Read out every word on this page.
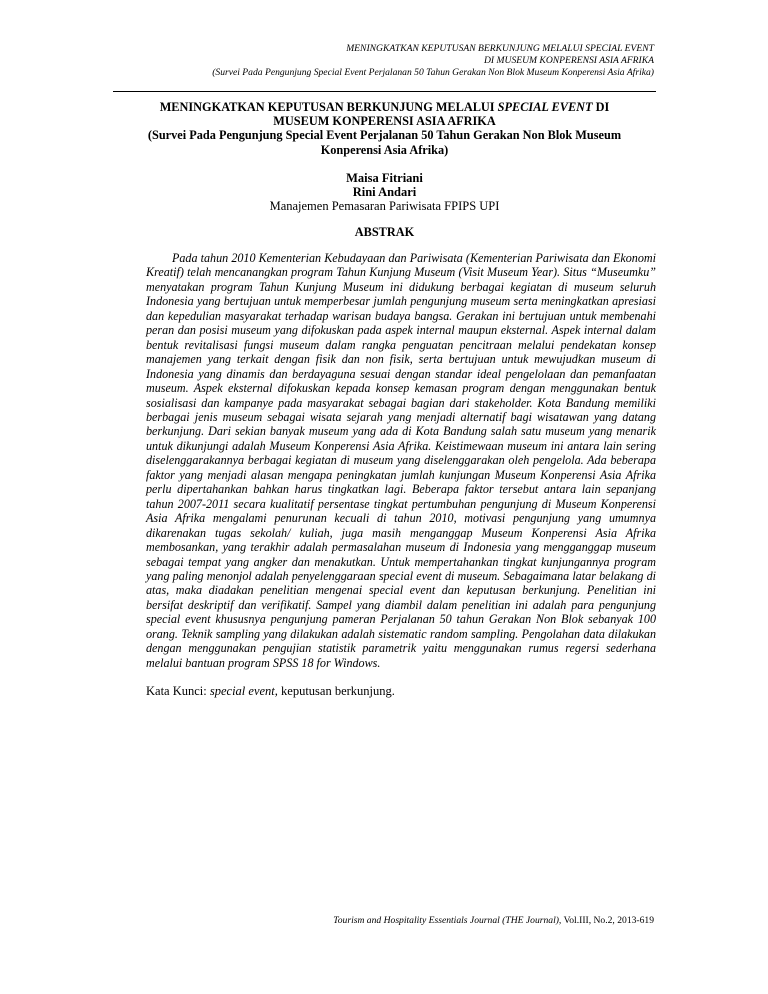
MENINGKATKAN KEPUTUSAN BERKUNJUNG MELALUI SPECIAL EVENT
DI MUSEUM KONPERENSI ASIA AFRIKA
(Survei Pada Pengunjung Special Event Perjalanan 50 Tahun Gerakan Non Blok Museum Konperensi Asia Afrika)

MENINGKATKAN KEPUTUSAN BERKUNJUNG MELALUI SPECIAL EVENT DI

MUSEUM KONPERENSI ASIA AFRIKA

(Survei Pada Pengunjung Special Event Perjalanan 50 Tahun Gerakan Non Blok Museum

Konperensi Asia Afrika)

Maisa Fitriani

Rini Andari

Manajemen Pemasaran Pariwisata FPIPS UPI

ABSTRAK

Pada tahun 2010 Kementerian Kebudayaan dan Pariwisata (Kementerian Pariwisata dan Ekonomi Kreatif) telah mencanangkan program Tahun Kunjung Museum (Visit Museum Year). Situs “Museumku” menyatakan program Tahun Kunjung Museum ini didukung berbagai kegiatan di museum seluruh Indonesia yang bertujuan untuk memperbesar jumlah pengunjung museum serta meningkatkan apresiasi dan kepedulian masyarakat terhadap warisan budaya bangsa. Gerakan ini bertujuan untuk membenahi peran dan posisi museum yang difokuskan pada aspek internal maupun eksternal. Aspek internal dalam bentuk revitalisasi fungsi museum dalam rangka penguatan pencitraan melalui pendekatan konsep manajemen yang terkait dengan fisik dan non fisik, serta bertujuan untuk mewujudkan museum di Indonesia yang dinamis dan berdayaguna sesuai dengan standar ideal pengelolaan dan pemanfaatan museum. Aspek eksternal difokuskan kepada konsep kemasan program dengan menggunakan bentuk sosialisasi dan kampanye pada masyarakat sebagai bagian dari stakeholder. Kota Bandung memiliki berbagai jenis museum sebagai wisata sejarah yang menjadi alternatif bagi wisatawan yang datang berkunjung. Dari sekian banyak museum yang ada di Kota Bandung salah satu museum yang menarik untuk dikunjungi adalah Museum Konperensi Asia Afrika. Keistimewaan museum ini antara lain sering diselenggarakannya berbagai kegiatan di museum yang diselenggarakan oleh pengelola. Ada beberapa faktor yang menjadi alasan mengapa peningkatan jumlah kunjungan Museum Konperensi Asia Afrika perlu dipertahankan bahkan harus tingkatkan lagi. Beberapa faktor tersebut antara lain sepanjang tahun 2007-2011 secara kualitatif persentase tingkat pertumbuhan pengunjung di Museum Konperensi Asia Afrika mengalami penurunan kecuali di tahun 2010, motivasi pengunjung yang umumnya dikarenakan tugas sekolah/ kuliah, juga masih menganggap Museum Konperensi Asia Afrika membosankan, yang terakhir adalah permasalahan museum di Indonesia yang mengganggap museum sebagai tempat yang angker dan menakutkan. Untuk mempertahankan tingkat kunjungannya program yang paling menonjol adalah penyelenggaraan special event di museum. Sebagaimana latar belakang di atas, maka diadakan penelitian mengenai special event dan keputusan berkunjung. Penelitian ini bersifat deskriptif dan verifikatif. Sampel yang diambil dalam penelitian ini adalah para pengunjung special event khususnya pengunjung pameran Perjalanan 50 tahun Gerakan Non Blok sebanyak 100 orang. Teknik sampling yang dilakukan adalah sistematic random sampling. Pengolahan data dilakukan dengan menggunakan pengujian statistik parametrik yaitu menggunakan rumus regersi sederhana melalui bantuan program SPSS 18 for Windows.

Kata Kunci: special event, keputusan berkunjung.
Tourism and Hospitality Essentials Journal (THE Journal), Vol.III, No.2, 2013-619
